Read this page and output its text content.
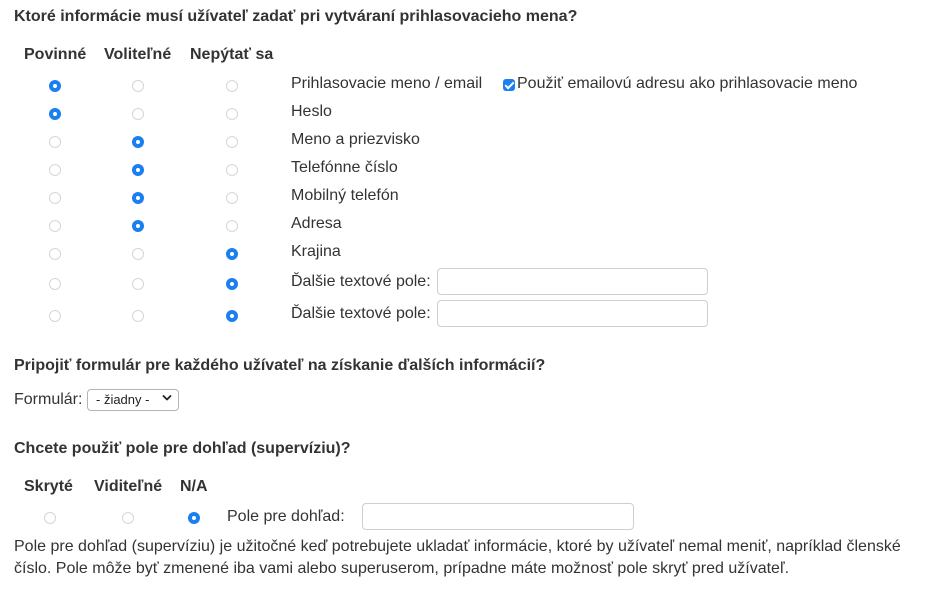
Ktoré informácie musí užívateľ zadať pri vytváraní prihlasovacieho mena?
Povinné Voliteľné Nepýtať sa
Prihlasovacie meno / email
Heslo
Meno a priezvisko
Telefónne číslo
Mobilný telefón
Adresa
Krajina
Ďalšie textové pole:
Ďalšie textové pole:
Použiť emailovú adresu ako prihlasovacie meno
Pripojiť formulár pre každého užívateľ na získanie ďalších informácií?
Formulár:	- žiadny -
Chcete použiť pole pre dohľad (supervíziu)?
Skryté Viditeľné N/A
Pole pre dohľad:
Pole pre dohľad (supervíziu) je užitočné keď potrebujete ukladať informácie, ktoré by užívateľ nemal meniť, napríklad členské číslo. Pole môže byť zmenené iba vami alebo superuserom, prípadne máte možnosť pole skryť pred užívateľ.
